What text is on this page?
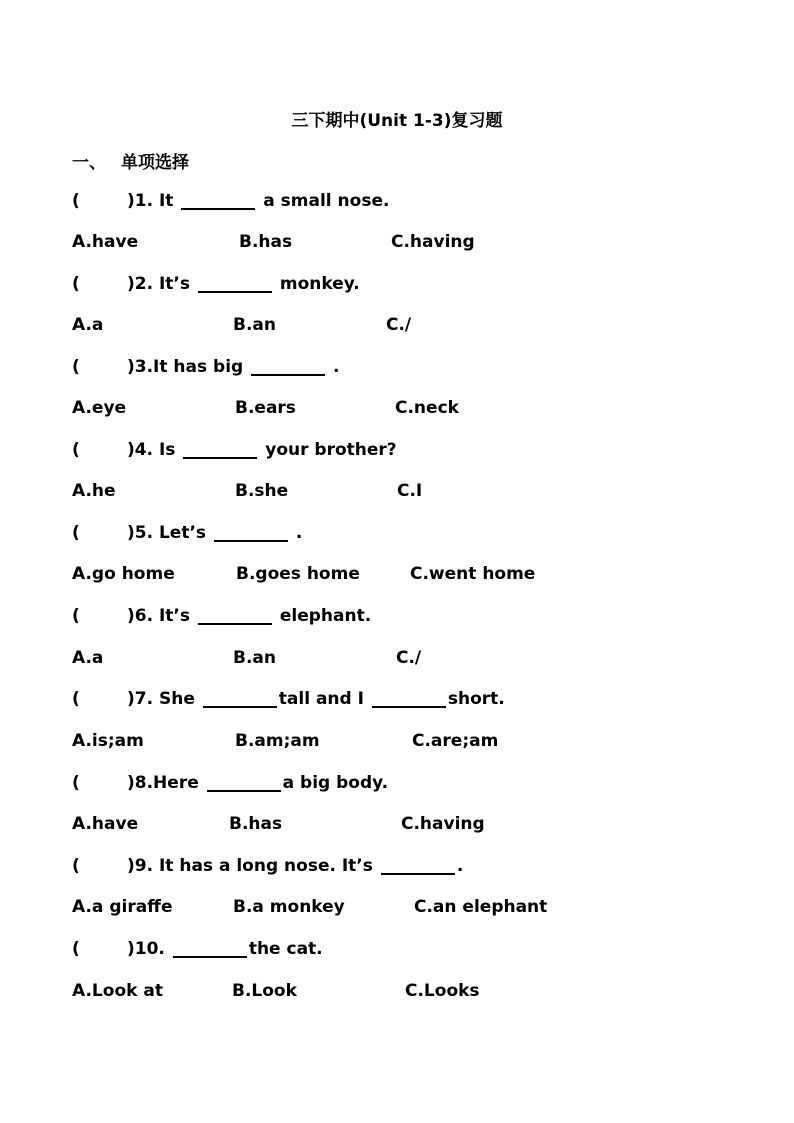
三下期中(Unit 1-3)复习题
一、 单项选择
(	)1. It	a small nose.
A.have	B.has	C.having
(	)2. It’s	monkey.
A.a	B.an	C./
(	)3.It has big	.
A.eye	B.ears	C.neck
(	)4. Is	your brother?
A.he	B.she	C.I
(	)5. Let’s	.
A.go home	B.goes home	C.went home
(	)6. It’s	elephant.
A.a	B.an	C./
(	)7. She	tall and I	short.
A.is;am	B.am;am	C.are;am
(	)8.Here	a big body.
A.have	B.has	C.having
(	)9. It has a long nose. It’s	.
A.a giraffe	B.a monkey	C.an elephant
(	)10.	the cat.
A.Look at	B.Look	C.Looks
